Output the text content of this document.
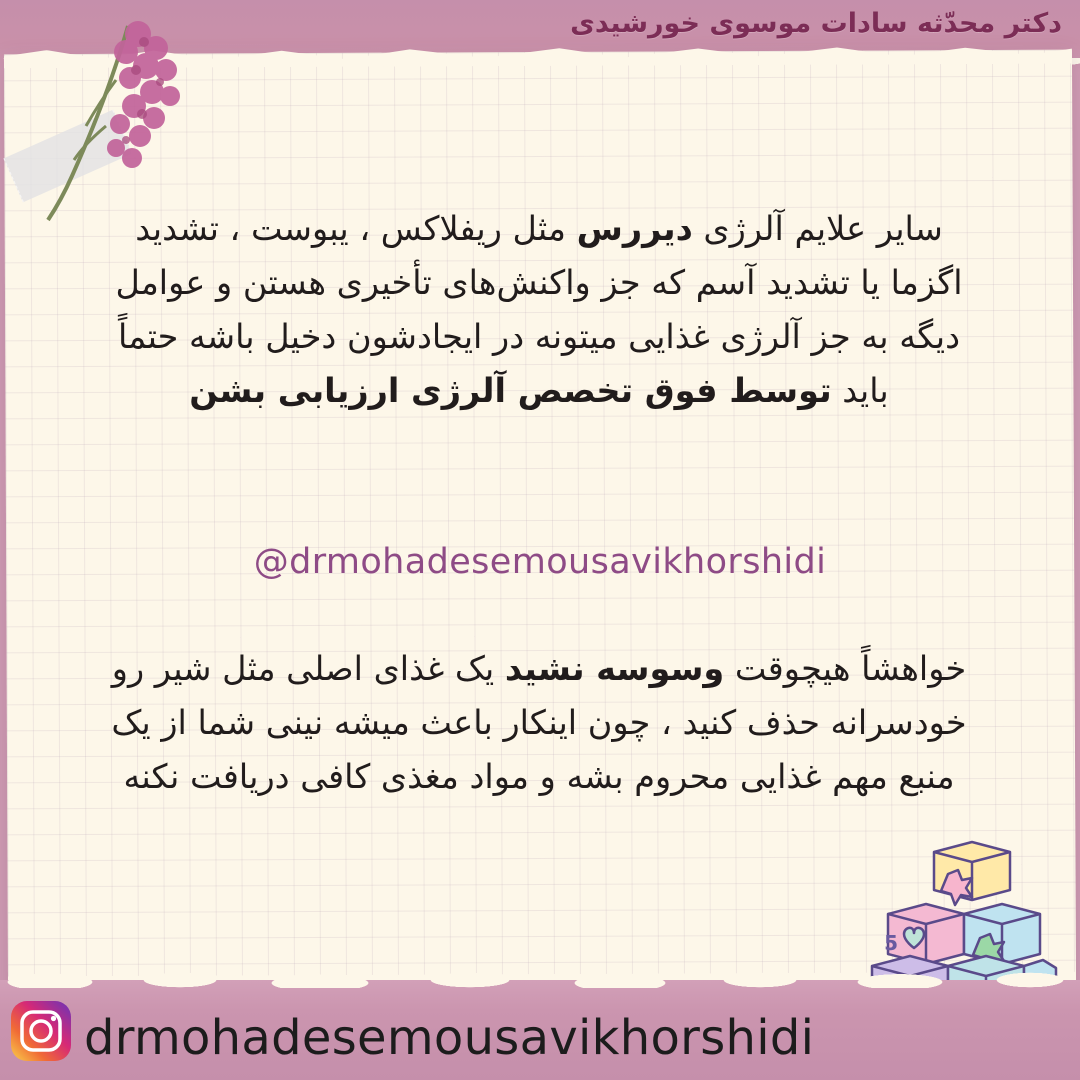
دکتر محدّثه سادات موسوی خورشیدی
سایر علایم آلرژی دیررس مثل ریفلاکس ، یبوست ، تشدید اگزما یا تشدید آسم که جز واکنش‌های تأخیری هستن و عوامل دیگه به جز آلرژی غذایی میتونه در ایجادشون دخیل باشه حتماً باید توسط فوق تخصص آلرژی ارزیابی بشن
@drmohadesemousavikhorshidi
خواهشاً هیچوقت وسوسه نشید یک غذای اصلی مثل شیر رو خودسرانه حذف کنید ، چون اینکار باعث میشه نینی شما از یک منبع مهم غذایی محروم بشه و مواد مغذی کافی دریافت نکنه
5
drmohadesemousavikhorshidi
